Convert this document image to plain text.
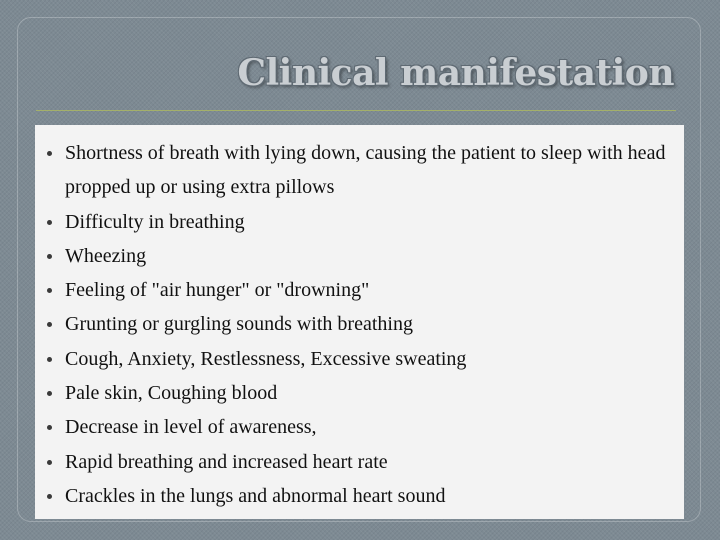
Clinical manifestation
Shortness of breath with lying down, causing the patient to sleep with head propped up or using extra pillows
Difficulty in breathing
Wheezing
Feeling of "air hunger" or "drowning"
Grunting or gurgling sounds with breathing
Cough, Anxiety, Restlessness, Excessive sweating
Pale skin, Coughing blood
Decrease in level of awareness,
Rapid breathing and increased heart rate
Crackles in the lungs and abnormal heart sound
